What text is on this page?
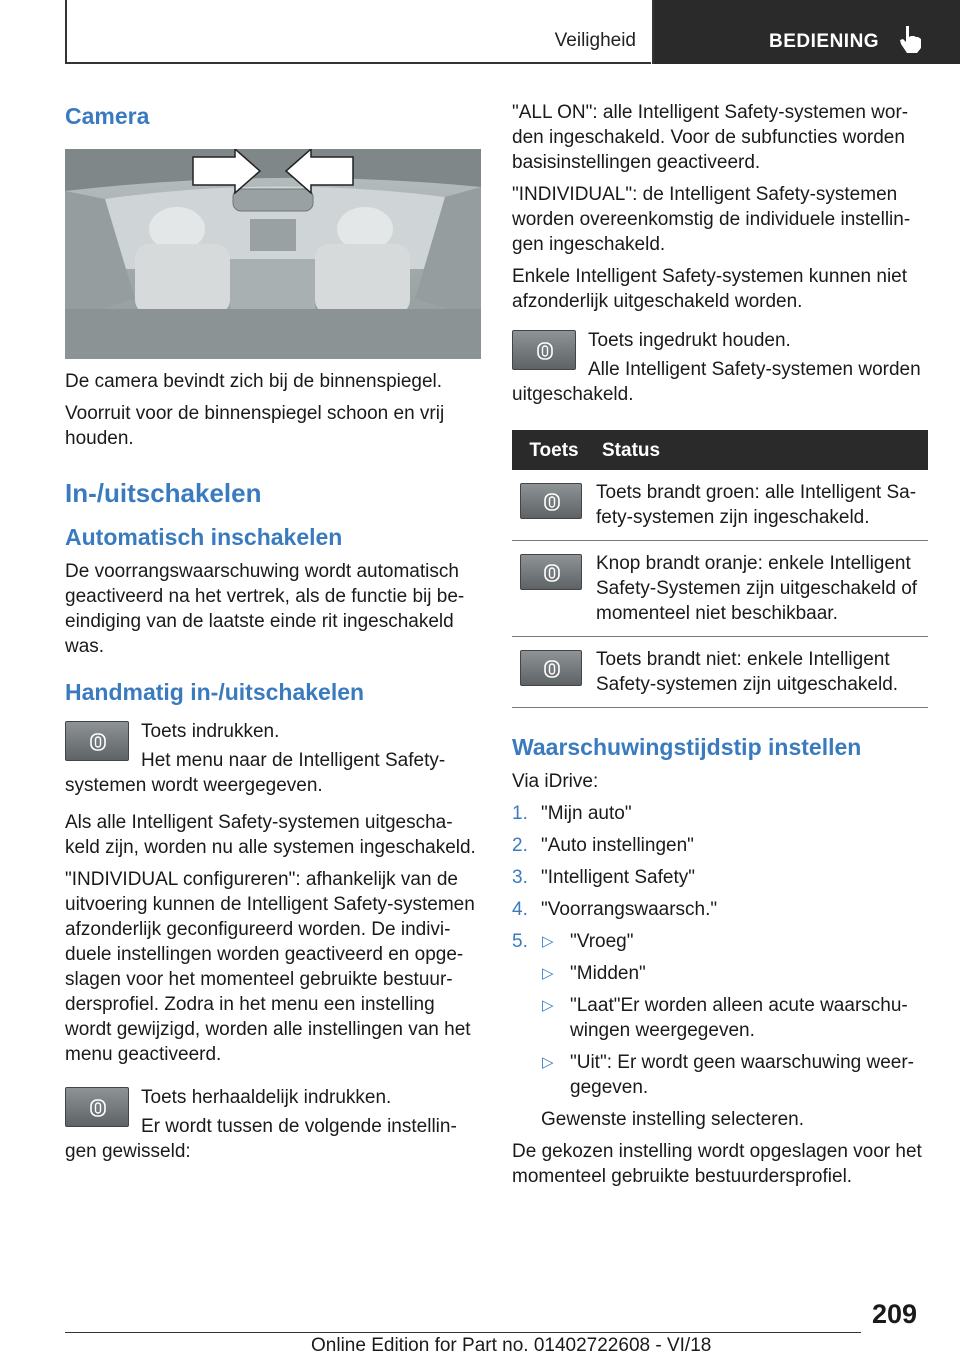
Veiligheid	BEDIENING
Camera

De camera bevindt zich bij de binnenspiegel.

Voorruit voor de binnenspiegel schoon en vrij houden.

In-/uitschakelen
Automatisch inschakelen

De voorrangswaarschuwing wordt automatisch geactiveerd na het vertrek, als de functie bij be-eindiging van de laatste einde rit ingeschakeld was.

Handmatig in-/uitschakelen

Toets indrukken.

Het menu naar de Intelligent Safety-systemen wordt weergegeven.

Als alle Intelligent Safety-systemen uitgescha-keld zijn, worden nu alle systemen ingeschakeld.

"INDIVIDUAL configureren": afhankelijk van de uitvoering kunnen de Intelligent Safety-systemen afzonderlijk geconfigureerd worden. De indivi-duele instellingen worden geactiveerd en opge-slagen voor het momenteel gebruikte bestuur-dersprofiel. Zodra in het menu een instelling wordt gewijzigd, worden alle instellingen van het menu geactiveerd.

Toets herhaaldelijk indrukken.

Er wordt tussen de volgende instellin-gen gewisseld:

"ALL ON": alle Intelligent Safety-systemen wor-den ingeschakeld. Voor de subfuncties worden basisinstellingen geactiveerd.

"INDIVIDUAL": de Intelligent Safety-systemen worden overeenkomstig de individuele instellin-gen ingeschakeld.

Enkele Intelligent Safety-systemen kunnen niet afzonderlijk uitgeschakeld worden.

Toets ingedrukt houden.

Alle Intelligent Safety-systemen worden uitgeschakeld.

Toets	Status

	Toets brandt groen: alle Intelligent Sa-fety-systemen zijn ingeschakeld.

	Knop brandt oranje: enkele Intelligent Safety-Systemen zijn uitgeschakeld of momenteel niet beschikbaar.

	Toets brandt niet: enkele Intelligent Safety-systemen zijn uitgeschakeld.
Waarschuwingstijdstip instellen

Via iDrive:

1. "Mijn auto"
2. "Auto instellingen"
3. "Intelligent Safety"
4. "Voorrangswaarsch."
5. ▷ "Vroeg"
▷ "Midden"
▷ "Laat"Er worden alleen acute waarschu-wingen weergegeven.
▷ "Uit": Er wordt geen waarschuwing weer-gegeven.
Gewenste instelling selecteren.

De gekozen instelling wordt opgeslagen voor het momenteel gebruikte bestuurdersprofiel.

209
Online Edition for Part no. 01402722608 - VI/18
